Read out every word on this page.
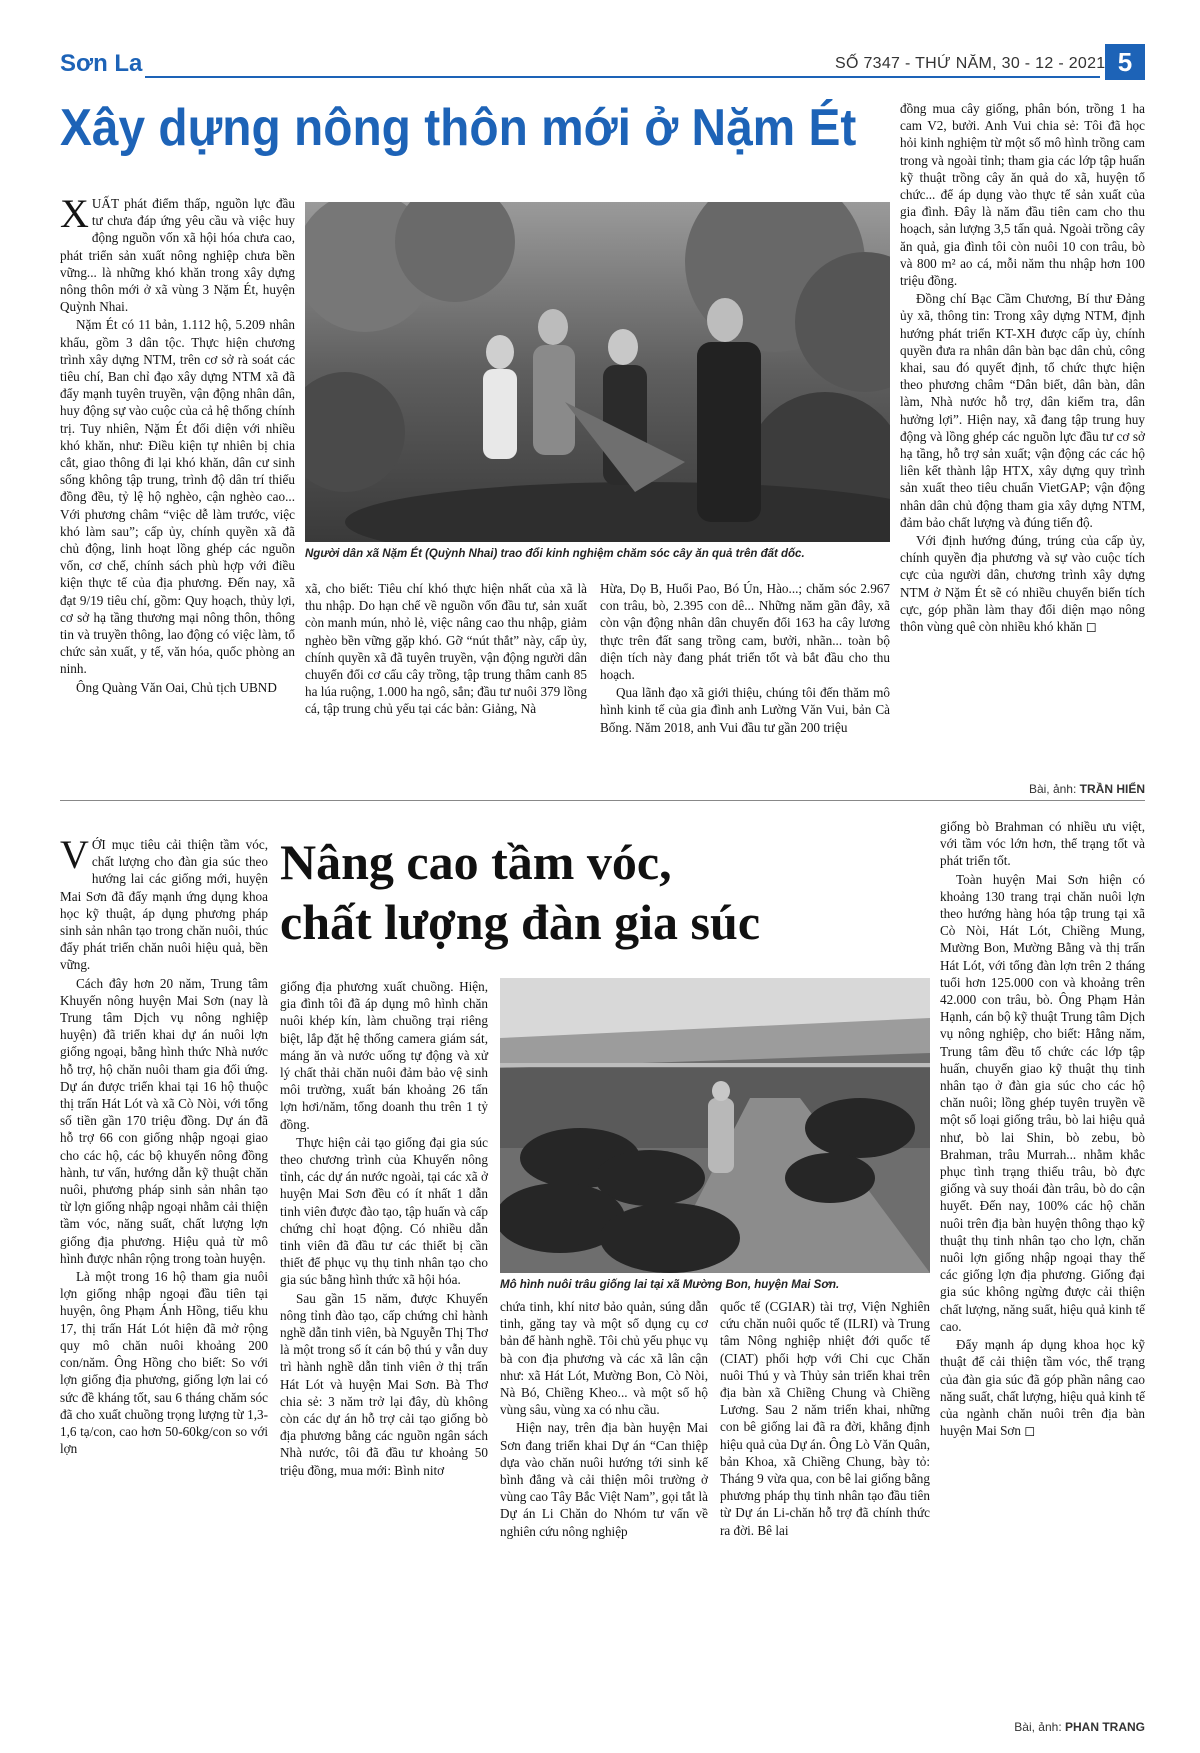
Sơn La	SỐ 7347 - THỨ NĂM, 30 - 12 - 2021 5
Xây dựng nông thôn mới ở Nặm Ét

XUẤT phát điểm thấp, nguồn lực đầu tư chưa đáp ứng yêu cầu và việc huy động nguồn vốn xã hội hóa chưa cao, phát triển sản xuất nông nghiệp chưa bền vững... là những khó khăn trong xây dựng nông thôn mới ở xã vùng 3 Nặm Ét, huyện Quỳnh Nhai.

Nặm Ét có 11 bản, 1.112 hộ, 5.209 nhân khẩu, gồm 3 dân tộc. Thực hiện chương trình xây dựng NTM, trên cơ sở rà soát các tiêu chí, Ban chỉ đạo xây dựng NTM xã đã đẩy mạnh tuyên truyền, vận động nhân dân, huy động sự vào cuộc của cả hệ thống chính trị. Tuy nhiên, Nặm Ét đối diện với nhiều khó khăn, như: Điều kiện tự nhiên bị chia cắt, giao thông đi lại khó khăn, dân cư sinh sống không tập trung, trình độ dân trí thiếu đồng đều, tỷ lệ hộ nghèo, cận nghèo cao... Với phương châm “việc dễ làm trước, việc khó làm sau”; cấp ủy, chính quyền xã đã chủ động, linh hoạt lồng ghép các nguồn vốn, cơ chế, chính sách phù hợp với điều kiện thực tế của địa phương. Đến nay, xã đạt 9/19 tiêu chí, gồm: Quy hoạch, thủy lợi, cơ sở hạ tầng thương mại nông thôn, thông tin và truyền thông, lao động có việc làm, tổ chức sản xuất, y tế, văn hóa, quốc phòng an ninh.

Ông Quàng Văn Oai, Chủ tịch UBND

Người dân xã Nặm Ét (Quỳnh Nhai) trao đổi kinh nghiệm chăm sóc cây ăn quả trên đất dốc.

xã, cho biết: Tiêu chí khó thực hiện nhất của xã là thu nhập. Do hạn chế về nguồn vốn đầu tư, sản xuất còn manh mún, nhỏ lẻ, việc nâng cao thu nhập, giảm nghèo bền vững gặp khó. Gỡ “nút thắt” này, cấp ủy, chính quyền xã đã tuyên truyền, vận động người dân chuyển đổi cơ cấu cây trồng, tập trung thâm canh 85 ha lúa ruộng, 1.000 ha ngô, sắn; đầu tư nuôi 379 lồng cá, tập trung chủ yếu tại các bản: Giảng, Nà

Hừa, Dọ B, Huổi Pao, Bó Ún, Hào...; chăm sóc 2.967 con trâu, bò, 2.395 con dê... Những năm gần đây, xã còn vận động nhân dân chuyển đổi 163 ha cây lương thực trên đất sang trồng cam, bưởi, nhãn... toàn bộ diện tích này đang phát triển tốt và bắt đầu cho thu hoạch.

Qua lãnh đạo xã giới thiệu, chúng tôi đến thăm mô hình kinh tế của gia đình anh Lường Văn Vui, bản Cà Bống. Năm 2018, anh Vui đầu tư gần 200 triệu

đồng mua cây giống, phân bón, trồng 1 ha cam V2, bưởi. Anh Vui chia sẻ: Tôi đã học hỏi kinh nghiệm từ một số mô hình trồng cam trong và ngoài tỉnh; tham gia các lớp tập huấn kỹ thuật trồng cây ăn quả do xã, huyện tổ chức... để áp dụng vào thực tế sản xuất của gia đình. Đây là năm đầu tiên cam cho thu hoạch, sản lượng 3,5 tấn quả. Ngoài trồng cây ăn quả, gia đình tôi còn nuôi 10 con trâu, bò và 800 m² ao cá, mỗi năm thu nhập hơn 100 triệu đồng.

Đồng chí Bạc Cầm Chương, Bí thư Đảng ủy xã, thông tin: Trong xây dựng NTM, định hướng phát triển KT-XH được cấp ủy, chính quyền đưa ra nhân dân bàn bạc dân chủ, công khai, sau đó quyết định, tổ chức thực hiện theo phương châm “Dân biết, dân bàn, dân làm, Nhà nước hỗ trợ, dân kiểm tra, dân hưởng lợi”. Hiện nay, xã đang tập trung huy động và lồng ghép các nguồn lực đầu tư cơ sở hạ tầng, hỗ trợ sản xuất; vận động các các hộ liên kết thành lập HTX, xây dựng quy trình sản xuất theo tiêu chuẩn VietGAP; vận động nhân dân chủ động tham gia xây dựng NTM, đảm bảo chất lượng và đúng tiến độ.

Với định hướng đúng, trúng của cấp ủy, chính quyền địa phương và sự vào cuộc tích cực của người dân, chương trình xây dựng NTM ở Nặm Ét sẽ có nhiều chuyển biến tích cực, góp phần làm thay đổi diện mạo nông thôn vùng quê còn nhiều khó khăn ◻

Bài, ảnh: TRẦN HIỂN
Nâng cao tầm vóc,
chất lượng đàn gia súc

VỚI mục tiêu cải thiện tầm vóc, chất lượng cho đàn gia súc theo hướng lai các giống mới, huyện Mai Sơn đã đẩy mạnh ứng dụng khoa học kỹ thuật, áp dụng phương pháp sinh sản nhân tạo trong chăn nuôi, thúc đẩy phát triển chăn nuôi hiệu quả, bền vững.

Cách đây hơn 20 năm, Trung tâm Khuyến nông huyện Mai Sơn (nay là Trung tâm Dịch vụ nông nghiệp huyện) đã triển khai dự án nuôi lợn giống ngoại, bằng hình thức Nhà nước hỗ trợ, hộ chăn nuôi tham gia đối ứng. Dự án được triển khai tại 16 hộ thuộc thị trấn Hát Lót và xã Cò Nòi, với tổng số tiền gần 170 triệu đồng. Dự án đã hỗ trợ 66 con giống nhập ngoại giao cho các hộ, các bộ khuyến nông đồng hành, tư vấn, hướng dẫn kỹ thuật chăn nuôi, phương pháp sinh sản nhân tạo từ lợn giống nhập ngoại nhằm cải thiện tầm vóc, năng suất, chất lượng lợn giống địa phương. Hiệu quả từ mô hình được nhân rộng trong toàn huyện.

Là một trong 16 hộ tham gia nuôi lợn giống nhập ngoại đầu tiên tại huyện, ông Phạm Ánh Hồng, tiểu khu 17, thị trấn Hát Lót hiện đã mở rộng quy mô chăn nuôi khoảng 200 con/năm. Ông Hồng cho biết: So với lợn giống địa phương, giống lợn lai có sức đề kháng tốt, sau 6 tháng chăm sóc đã cho xuất chuồng trọng lượng từ 1,3-1,6 tạ/con, cao hơn 50-60kg/con so với lợn

giống địa phương xuất chuồng. Hiện, gia đình tôi đã áp dụng mô hình chăn nuôi khép kín, làm chuồng trại riêng biệt, lắp đặt hệ thống camera giám sát, máng ăn và nước uống tự động và xử lý chất thải chăn nuôi đảm bảo vệ sinh môi trường, xuất bán khoảng 26 tấn lợn hơi/năm, tổng doanh thu trên 1 tỷ đồng.

Thực hiện cải tạo giống đại gia súc theo chương trình của Khuyến nông tỉnh, các dự án nước ngoài, tại các xã ở huyện Mai Sơn đều có ít nhất 1 dẫn tinh viên được đào tạo, tập huấn và cấp chứng chỉ hoạt động. Có nhiều dẫn tinh viên đã đầu tư các thiết bị cần thiết để phục vụ thụ tinh nhân tạo cho gia súc bằng hình thức xã hội hóa.

Sau gần 15 năm, được Khuyến nông tỉnh đào tạo, cấp chứng chỉ hành nghề dẫn tinh viên, bà Nguyễn Thị Thơ là một trong số ít cán bộ thú y vẫn duy trì hành nghề dẫn tinh viên ở thị trấn Hát Lót và huyện Mai Sơn. Bà Thơ chia sẻ: 3 năm trở lại đây, dù không còn các dự án hỗ trợ cải tạo giống bò địa phương bằng các nguồn ngân sách Nhà nước, tôi đã đầu tư khoảng 50 triệu đồng, mua mới: Bình nitơ

Mô hình nuôi trâu giống lai tại xã Mường Bon, huyện Mai Sơn.

chứa tinh, khí nitơ bảo quản, súng dẫn tinh, găng tay và một số dụng cụ cơ bản để hành nghề. Tôi chủ yếu phục vụ bà con địa phương và các xã lân cận như: xã Hát Lót, Mường Bon, Cò Nòi, Nà Bó, Chiềng Kheo... và một số hộ vùng sâu, vùng xa có nhu cầu.

Hiện nay, trên địa bàn huyện Mai Sơn đang triển khai Dự án “Can thiệp dựa vào chăn nuôi hướng tới sinh kế bình đẳng và cải thiện môi trường ở vùng cao Tây Bắc Việt Nam”, gọi tắt là Dự án Li Chăn do Nhóm tư vấn về nghiên cứu nông nghiệp

quốc tế (CGIAR) tài trợ, Viện Nghiên cứu chăn nuôi quốc tế (ILRI) và Trung tâm Nông nghiệp nhiệt đới quốc tế (CIAT) phối hợp với Chi cục Chăn nuôi Thú y và Thủy sản triển khai trên địa bàn xã Chiềng Chung và Chiềng Lương. Sau 2 năm triển khai, những con bê giống lai đã ra đời, khẳng định hiệu quả của Dự án. Ông Lò Văn Quân, bản Khoa, xã Chiềng Chung, bày tỏ: Tháng 9 vừa qua, con bê lai giống bằng phương pháp thụ tinh nhân tạo đầu tiên từ Dự án Li-chăn hỗ trợ đã chính thức ra đời. Bê lai

giống bò Brahman có nhiều ưu việt, với tầm vóc lớn hơn, thể trạng tốt và phát triển tốt.

Toàn huyện Mai Sơn hiện có khoảng 130 trang trại chăn nuôi lợn theo hướng hàng hóa tập trung tại xã Cò Nòi, Hát Lót, Chiềng Mung, Mường Bon, Mường Bằng và thị trấn Hát Lót, với tổng đàn lợn trên 2 tháng tuổi hơn 125.000 con và khoảng trên 42.000 con trâu, bò. Ông Phạm Hản Hạnh, cán bộ kỹ thuật Trung tâm Dịch vụ nông nghiệp, cho biết: Hằng năm, Trung tâm đều tổ chức các lớp tập huấn, chuyển giao kỹ thuật thụ tinh nhân tạo ở đàn gia súc cho các hộ chăn nuôi; lồng ghép tuyên truyền về một số loại giống trâu, bò lai hiệu quả như, bò lai Shin, bò zebu, bò Brahman, trâu Murrah... nhằm khắc phục tình trạng thiếu trâu, bò đực giống và suy thoái đàn trâu, bò do cận huyết. Đến nay, 100% các hộ chăn nuôi trên địa bàn huyện thông thạo kỹ thuật thụ tinh nhân tạo cho lợn, chăn nuôi lợn giống nhập ngoại thay thế các giống lợn địa phương. Giống đại gia súc không ngừng được cải thiện chất lượng, năng suất, hiệu quả kinh tế cao.

Đẩy mạnh áp dụng khoa học kỹ thuật để cải thiện tầm vóc, thể trạng của đàn gia súc đã góp phần nâng cao năng suất, chất lượng, hiệu quả kinh tế của ngành chăn nuôi trên địa bàn huyện Mai Sơn ◻

Bài, ảnh: PHAN TRANG
